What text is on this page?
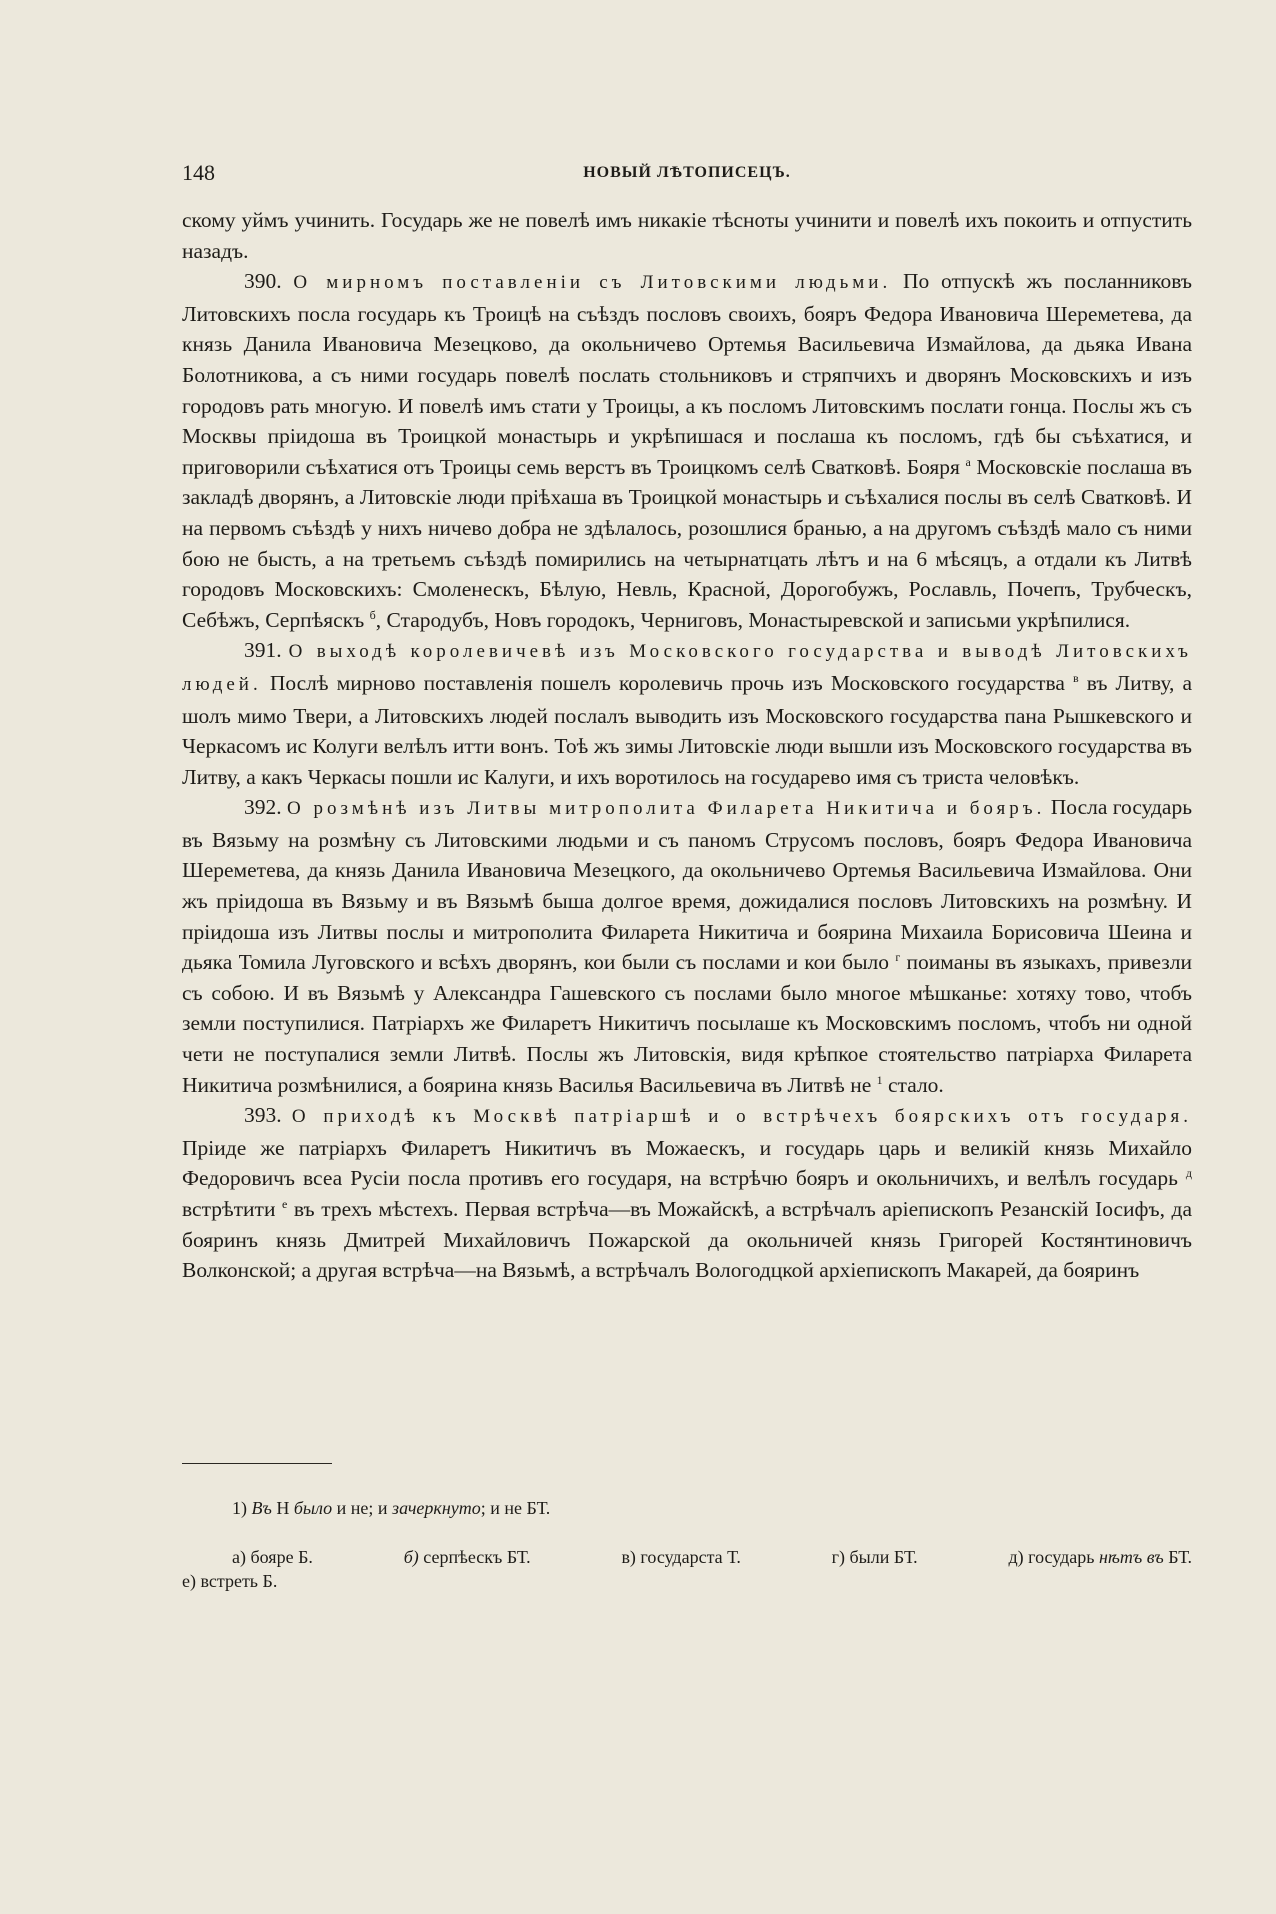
148	НОВЫЙ ЛѢТОПИСЕЦЪ.

скому уймъ учинить. Государь же не повелѣ имъ никакіе тѣсноты учинити и повелѣ ихъ покоить и отпустить назадъ.

390. О мирномъ поставленіи съ Литовскими людьми. По отпускѣ жъ посланниковъ Литовскихъ посла государь къ Троицѣ на съѣздъ пословъ своихъ, бояръ Федора Ивановича Шереметева, да князь Данила Ивановича Мезецково, да окольничево Ортемья Васильевича Измайлова, да дьяка Ивана Болотникова, а съ ними государь повелѣ послать стольниковъ и стряпчихъ и дворянъ Московскихъ и изъ городовъ рать многую. И повелѣ имъ стати у Троицы, а къ посломъ Литовскимъ послати гонца. Послы жъ съ Москвы пріидоша въ Троицкой монастырь и укрѣпишася и послаша къ посломъ, гдѣ бы съѣхатися, и приговорили съѣхатися отъ Троицы семь верстъ въ Троицкомъ селѣ Сватковѣ. Бояря $^а$ Московскіе послаша въ закладѣ дворянъ, а Литовскіе люди пріѣхаша въ Троицкой монастырь и съѣхалися послы въ селѣ Сватковѣ. И на первомъ съѣздѣ у нихъ ничево добра не здѣлалось, розошлися бранью, а на другомъ съѣздѣ мало съ ними бою не бысть, а на третьемъ съѣздѣ помирились на четырнатцать лѣтъ и на 6 мѣсяцъ, а отдали къ Литвѣ городовъ Московскихъ: Смоленескъ, Бѣлую, Невль, Красной, Дорогобужъ, Рославль, Почепъ, Трубческъ, Себѣжъ, Серпѣяскъ $^б$, Стародубъ, Новъ городокъ, Черниговъ, Монастыревской и записьми укрѣпилися.

391. О выходѣ королевичевѣ изъ Московского государства и выводѣ Литовскихъ людей. Послѣ мирново поставленія пошелъ королевичь прочь изъ Московского государства $^в$ въ Литву, а шолъ мимо Твери, а Литовскихъ людей послалъ выводить изъ Московского государства пана Рышкевского и Черкасомъ ис Колуги велѣлъ итти вонъ. Тоѣ жъ зимы Литовскіе люди вышли изъ Московского государства въ Литву, а какъ Черкасы пошли ис Калуги, и ихъ воротилось на государево имя съ триста человѣкъ.

392. О розмѣнѣ изъ Литвы митрополита Филарета Никитича и бояръ. Посла государь въ Вязьму на розмѣну съ Литовскими людьми и съ паномъ Струсомъ пословъ, бояръ Федора Ивановича Шереметева, да князь Данила Ивановича Мезецкого, да окольничево Ортемья Васильевича Измайлова. Они жъ пріидоша въ Вязьму и въ Вязьмѣ быша долгое время, дожидалися пословъ Литовскихъ на розмѣну. И пріидоша изъ Литвы послы и митрополита Филарета Никитича и боярина Михаила Борисовича Шеина и дьяка Томила Луговского и всѣхъ дворянъ, кои были съ послами и кои было $^г$ поиманы въ языкахъ, привезли съ собою. И въ Вязьмѣ у Александра Гашевского съ послами было многое мѣшканье: хотяху тово, чтобъ земли поступилися. Патріархъ же Филаретъ Никитичъ посылаше къ Московскимъ посломъ, чтобъ ни одной чети не поступалися земли Литвѣ. Послы жъ Литовскія, видя крѣпкое стоятельство патріарха Филарета Никитича розмѣнилися, а боярина князь Василья Васильевича въ Литвѣ не $^1$ стало.

393. О приходѣ къ Москвѣ патріаршѣ и о встрѣчехъ боярскихъ отъ государя. Пріиде же патріархъ Филаретъ Никитичъ въ Можаескъ, и государь царь и великій князь Михайло Федоровичъ всеа Русіи посла противъ его государя, на встрѣчю бояръ и окольничихъ, и велѣлъ государь $^д$ встрѣтити $^е$ въ трехъ мѣстехъ. Первая встрѣча—въ Можайскѣ, а встрѣчалъ аріепископъ Резанскій Іосифъ, да бояринъ князь Дмитрей Михайловичъ Пожарской да окольничей князь Григорей Костянтиновичъ Волконской; а другая встрѣча—на Вязьмѣ, а встрѣчалъ Вологодцкой архіепископъ Макарей, да бояринъ

1) Въ Н было и не; и зачеркнуто; и не БТ.
а) бояре Б.	б) серпѣескъ БТ.	в) государста Т.	г) были БТ.	д) государь нѣтъ въ БТ.
е) встреть Б.
